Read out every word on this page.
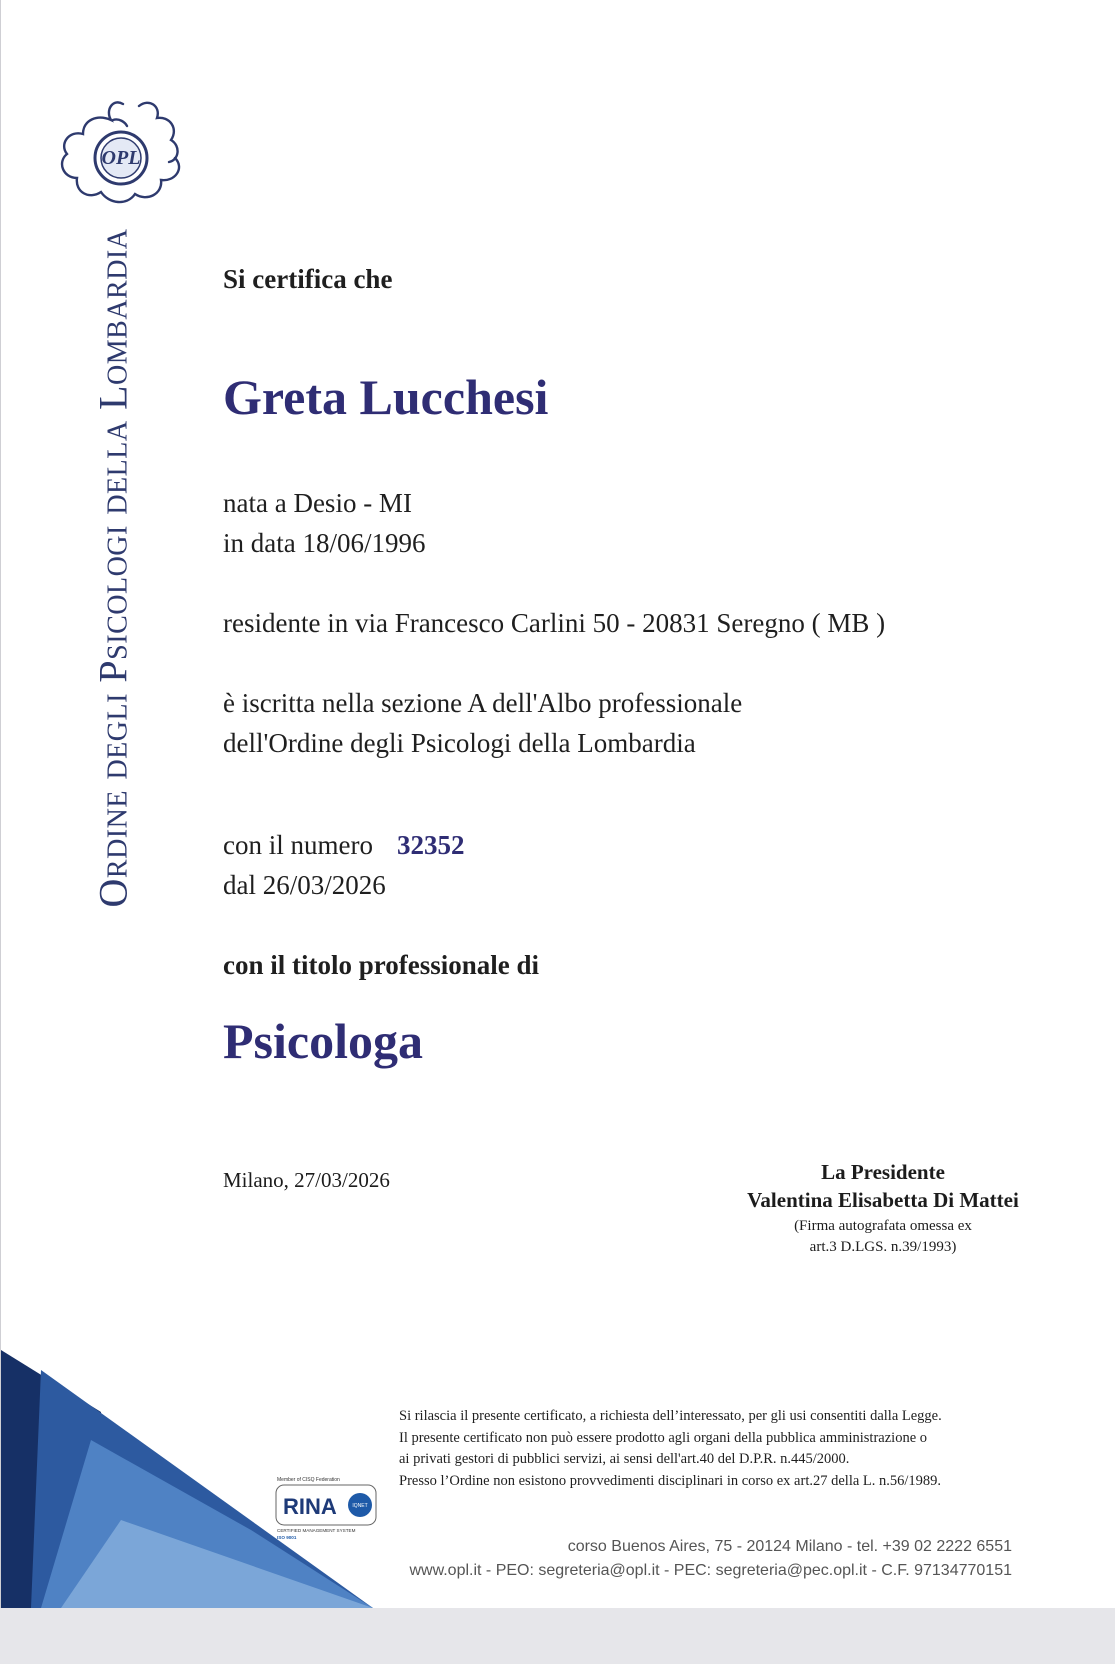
OPL
Ordine degli Psicologi della Lombardia	Si certifica che
Greta Lucchesi
nata a Desio - MI
in data 18/06/1996
residente in via Francesco Carlini 50 - 20831 Seregno ( MB )
è iscritta nella sezione A dell'Albo professionale
dell'Ordine degli Psicologi della Lombardia
con il numero 32352
dal 26/03/2026
con il titolo professionale di
Psicologa
Milano, 27/03/2026	La Presidente
Valentina Elisabetta Di Mattei
(Firma autografata omessa ex
art.3 D.LGS. n.39/1993)
Member of CISQ Federation
RINA	IQNET
CERTIFIED MANAGEMENT SYSTEM
ISO 9001
Si rilascia il presente certificato, a richiesta dell’interessato, per gli usi consentiti dalla Legge.
Il presente certificato non può essere prodotto agli organi della pubblica amministrazione o
ai privati gestori di pubblici servizi, ai sensi dell'art.40 del D.P.R. n.445/2000.
Presso l’Ordine non esistono provvedimenti disciplinari in corso ex art.27 della L. n.56/1989.
corso Buenos Aires, 75 - 20124 Milano - tel. +39 02 2222 6551
www.opl.it - PEO: segreteria@opl.it - PEC: segreteria@pec.opl.it - C.F. 97134770151
